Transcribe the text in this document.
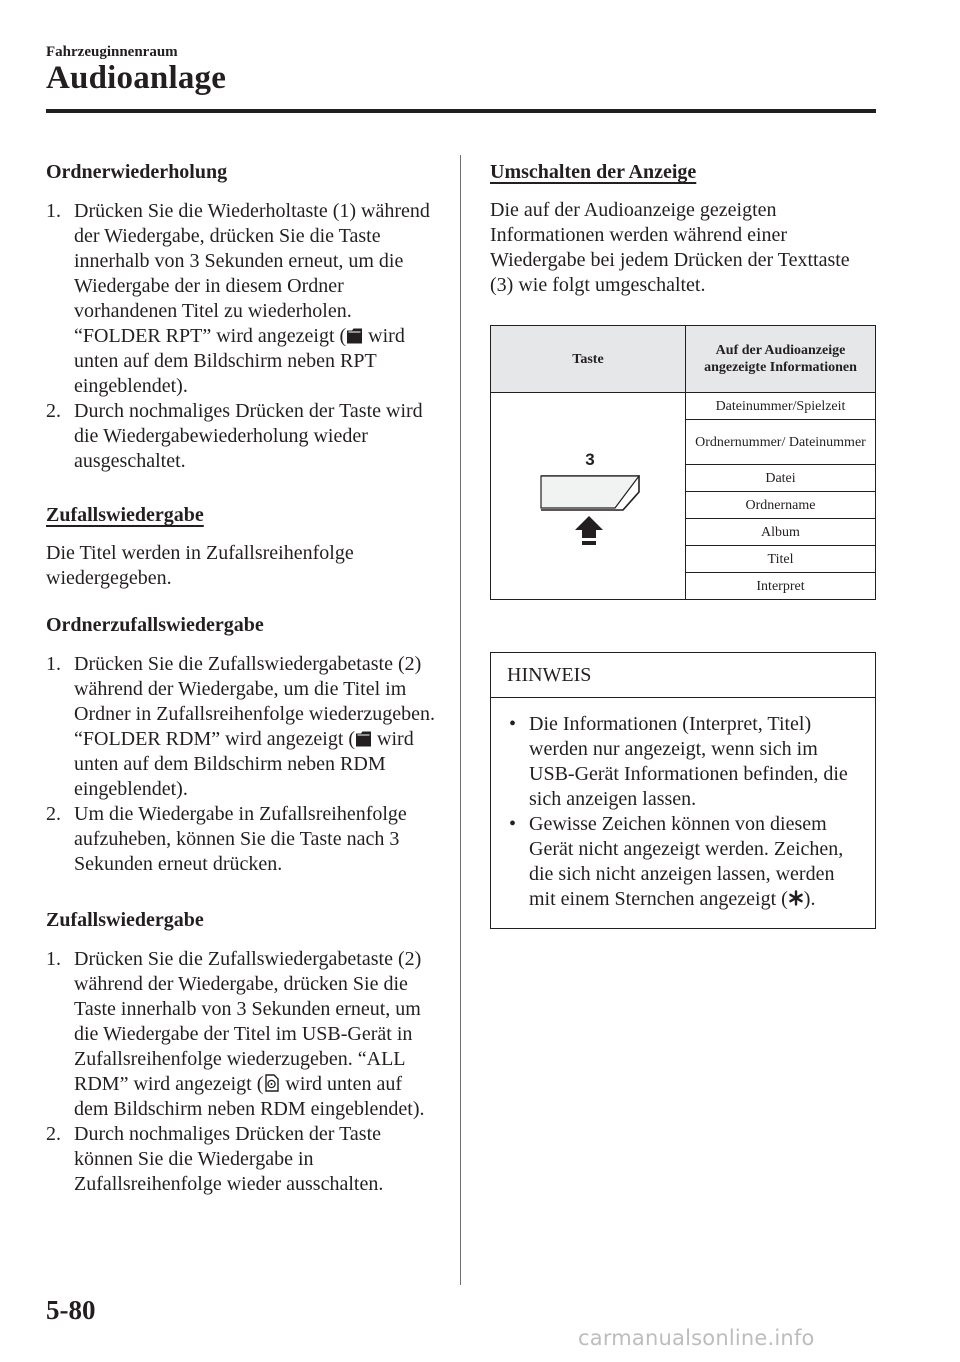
Fahrzeuginnenraum
Audioanlage
Ordnerwiederholung
1. Drücken Sie die Wiederholtaste (1) während der Wiedergabe, drücken Sie die Taste innerhalb von 3 Sekunden erneut, um die Wiedergabe der in diesem Ordner vorhandenen Titel zu wiederholen. “FOLDER RPT” wird angezeigt (
wird unten auf dem Bildschirm neben RPT eingeblendet).
2. Durch nochmaliges Drücken der Taste wird die Wiedergabewiederholung wieder ausgeschaltet.
Zufallswiedergabe

Die Titel werden in Zufallsreihenfolge wiedergegeben.

Ordnerzufallswiedergabe
1. Drücken Sie die Zufallswiedergabetaste (2) während der Wiedergabe, um die Titel im Ordner in Zufallsreihenfolge wiederzugeben. “FOLDER RDM” wird angezeigt (
wird unten auf dem Bildschirm neben RDM eingeblendet).
2. Um die Wiedergabe in Zufallsreihenfolge aufzuheben, können Sie die Taste nach 3 Sekunden erneut drücken.
Zufallswiedergabe
1. Drücken Sie die Zufallswiedergabetaste (2) während der Wiedergabe, drücken Sie die Taste innerhalb von 3 Sekunden erneut, um die Wiedergabe der Titel im USB-Gerät in Zufallsreihenfolge wiederzugeben. “ALL RDM” wird angezeigt (
wird unten auf dem Bildschirm neben RDM eingeblendet).
2. Durch nochmaliges Drücken der Taste können Sie die Wiedergabe in Zufallsreihenfolge wieder ausschalten.
Umschalten der Anzeige

Die auf der Audioanzeige gezeigten Informationen werden während einer Wiedergabe bei jedem Drücken der Texttaste (3) wie folgt umgeschaltet.

Taste	Auf der Audioanzeige angezeigte Informationen

3	Dateinummer/Spielzeit
	Ordnernummer/ Dateinummer
	Datei
	Ordnername
	Album
	Titel
	Interpret
HINWEIS
• Die Informationen (Interpret, Titel) werden nur angezeigt, wenn sich im USB-Gerät Informationen befinden, die sich anzeigen lassen.
• Gewisse Zeichen können von diesem Gerät nicht angezeigt werden. Zeichen, die sich nicht anzeigen lassen, werden mit einem Sternchen angezeigt ( ).
5-80
carmanualsonline.info
